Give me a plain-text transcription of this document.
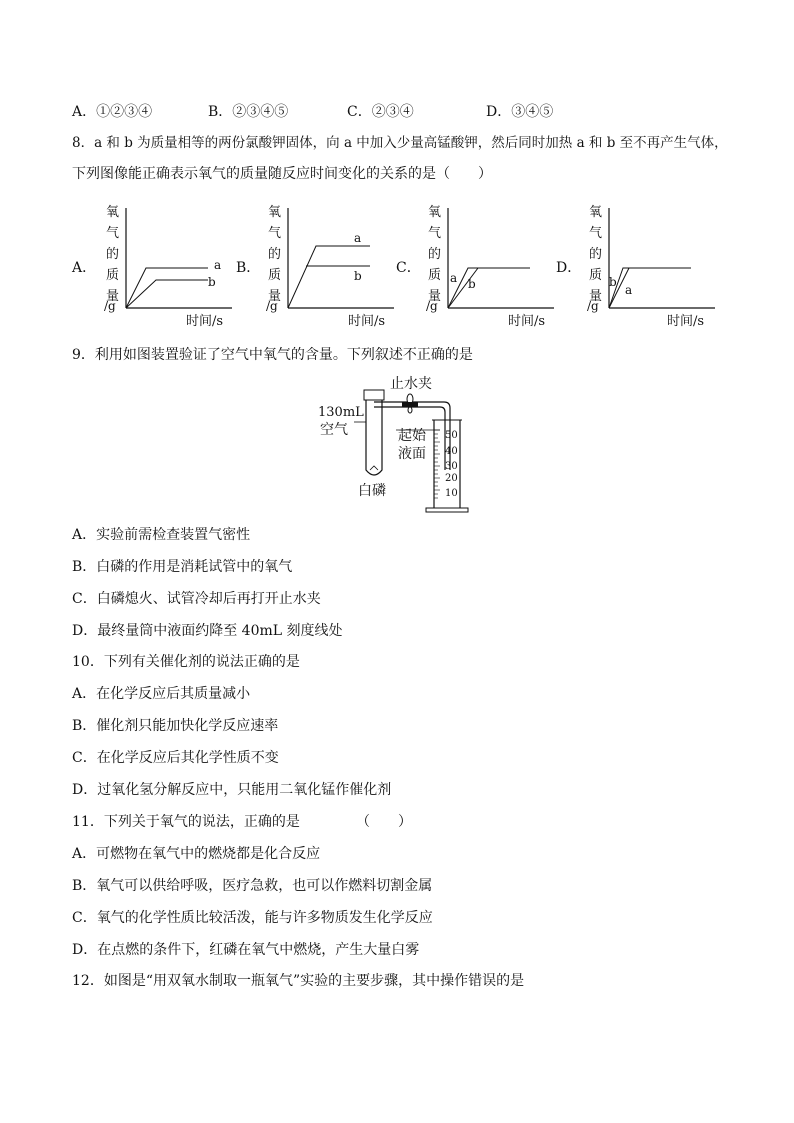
A．①②③④	B．②③④⑤	C．②③④	D．③④⑤
8．a 和 b 为质量相等的两份氯酸钾固体，向 a 中加入少量高锰酸钾，然后同时加热 a 和 b 至不再产生气体，
下列图像能正确表示氧气的质量随反应时间变化的关系的是（　　）
A．
氧
气
的
质
量
/g
时间/s
a
b
B．
氧
气
的
质
量
/g
时间/s
a
b C．
氧
气
的
质
量
/g
时间/s
a b
D．
氧
气
的
质
量
/g
时间/s
b
a
9．利用如图装置验证了空气中氧气的含量。下列叙述不正确的是
止水夹
130mL
空气	起始
液面
白磷
50
40
30
20
10
A．实验前需检查装置气密性
B．白磷的作用是消耗试管中的氧气
C．白磷熄火、试管冷却后再打开止水夹
D．最终量筒中液面约降至 40mL 刻度线处
10．下列有关催化剂的说法正确的是
A．在化学反应后其质量减小
B．催化剂只能加快化学反应速率
C．在化学反应后其化学性质不变
D．过氧化氢分解反应中，只能用二氧化锰作催化剂
11．下列关于氧气的说法，正确的是	（　　）
A．可燃物在氧气中的燃烧都是化合反应
B．氧气可以供给呼吸，医疗急救，也可以作燃料切割金属
C．氧气的化学性质比较活泼，能与许多物质发生化学反应
D．在点燃的条件下，红磷在氧气中燃烧，产生大量白雾
12．如图是“用双氧水制取一瓶氧气”实验的主要步骤，其中操作错误的是
